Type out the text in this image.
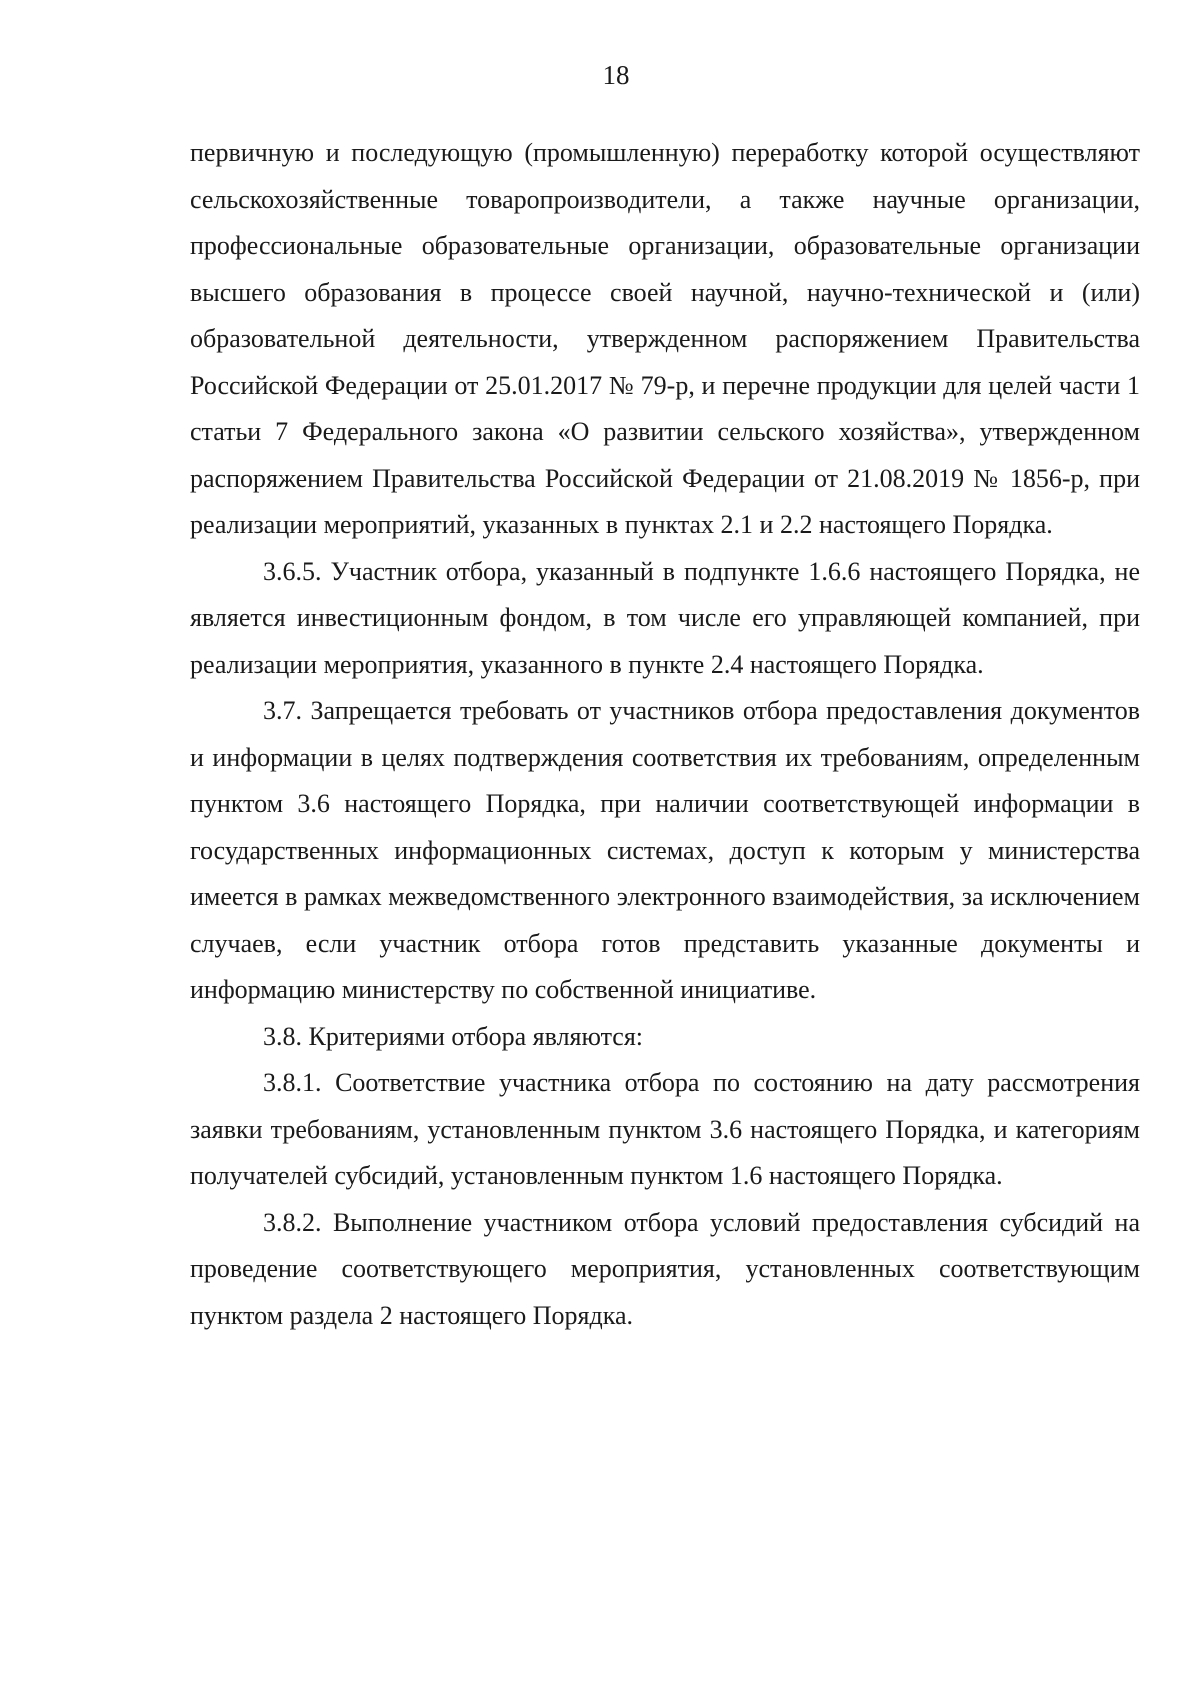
18

первичную и последующую (промышленную) переработку которой осуществляют сельскохозяйственные товаропроизводители, а также научные организации, профессиональные образовательные организации, образовательные организации высшего образования в процессе своей научной, научно-технической и (или) образовательной деятельности, утвержденном распоряжением Правительства Российской Федерации от 25.01.2017 № 79-р, и перечне продукции для целей части 1 статьи 7 Федерального закона «О развитии сельского хозяйства», утвержденном распоряжением Правительства Российской Федерации от 21.08.2019 № 1856-р, при реализации мероприятий, указанных в пунктах 2.1 и 2.2 настоящего Порядка.

3.6.5. Участник отбора, указанный в подпункте 1.6.6 настоящего Порядка, не является инвестиционным фондом, в том числе его управляющей компанией, при реализации мероприятия, указанного в пункте 2.4 настоящего Порядка.

3.7. Запрещается требовать от участников отбора предоставления документов и информации в целях подтверждения соответствия их требованиям, определенным пунктом 3.6 настоящего Порядка, при наличии соответствующей информации в государственных информационных системах, доступ к которым у министерства имеется в рамках межведомственного электронного взаимодействия, за исключением случаев, если участник отбора готов представить указанные документы и информацию министерству по собственной инициативе.

3.8. Критериями отбора являются:

3.8.1. Соответствие участника отбора по состоянию на дату рассмотрения заявки требованиям, установленным пунктом 3.6 настоящего Порядка, и категориям получателей субсидий, установленным пунктом 1.6 настоящего Порядка.

3.8.2. Выполнение участником отбора условий предоставления субсидий на проведение соответствующего мероприятия, установленных соответствующим пунктом раздела 2 настоящего Порядка.
